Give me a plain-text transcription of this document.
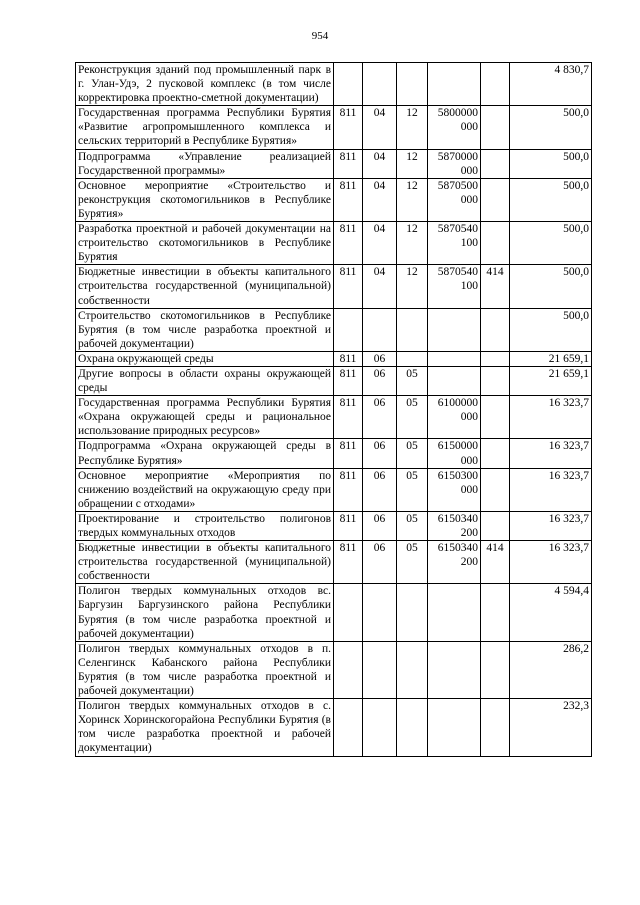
954
Реконструкция зданий под промышленный парк в г. Улан-Удэ, 2 пусковой комплекс (в том числе корректировка проектно-сметной документации)						4 830,7
Государственная программа Республики Бурятия «Развитие агропромышленного комплекса и сельских территорий в Республике Бурятия»	811	04	12	5800000 000		500,0
Подпрограмма «Управление реализацией Государственной программы»	811	04	12	5870000 000		500,0
Основное мероприятие «Строительство и реконструкция скотомогильников в Республике Бурятия»	811	04	12	5870500 000		500,0
Разработка проектной и рабочей документации на строительство скотомогильников в Республике Бурятия	811	04	12	5870540 100		500,0
Бюджетные инвестиции в объекты капитального строительства государственной (муниципальной) собственности	811	04	12	5870540 100	414	500,0
Строительство скотомогильников в Республике Бурятия (в том числе разработка проектной и рабочей документации)						500,0
Охрана окружающей среды	811	06				21 659,1
Другие вопросы в области охраны окружающей среды	811	06	05			21 659,1
Государственная программа Республики Бурятия «Охрана окружающей среды и рациональное использование природных ресурсов»	811	06	05	6100000 000		16 323,7
Подпрограмма «Охрана окружающей среды в Республике Бурятия»	811	06	05	6150000 000		16 323,7
Основное мероприятие «Мероприятия по снижению воздействий на окружающую среду при обращении с отходами»	811	06	05	6150300 000		16 323,7
Проектирование и строительство полигонов твердых коммунальных отходов	811	06	05	6150340 200		16 323,7
Бюджетные инвестиции в объекты капитального строительства государственной (муниципальной) собственности	811	06	05	6150340 200	414	16 323,7
Полигон твердых коммунальных отходов вс. Баргузин Баргузинского района Республики Бурятия (в том числе разработка проектной и рабочей документации)						4 594,4
Полигон твердых коммунальных отходов в п. Селенгинск Кабанского района Республики Бурятия (в том числе разработка проектной и рабочей документации)						286,2
Полигон твердых коммунальных отходов в с. Хоринск Хоринскогорайона Республики Бурятия (в том числе разработка проектной и рабочей документации)						232,3
